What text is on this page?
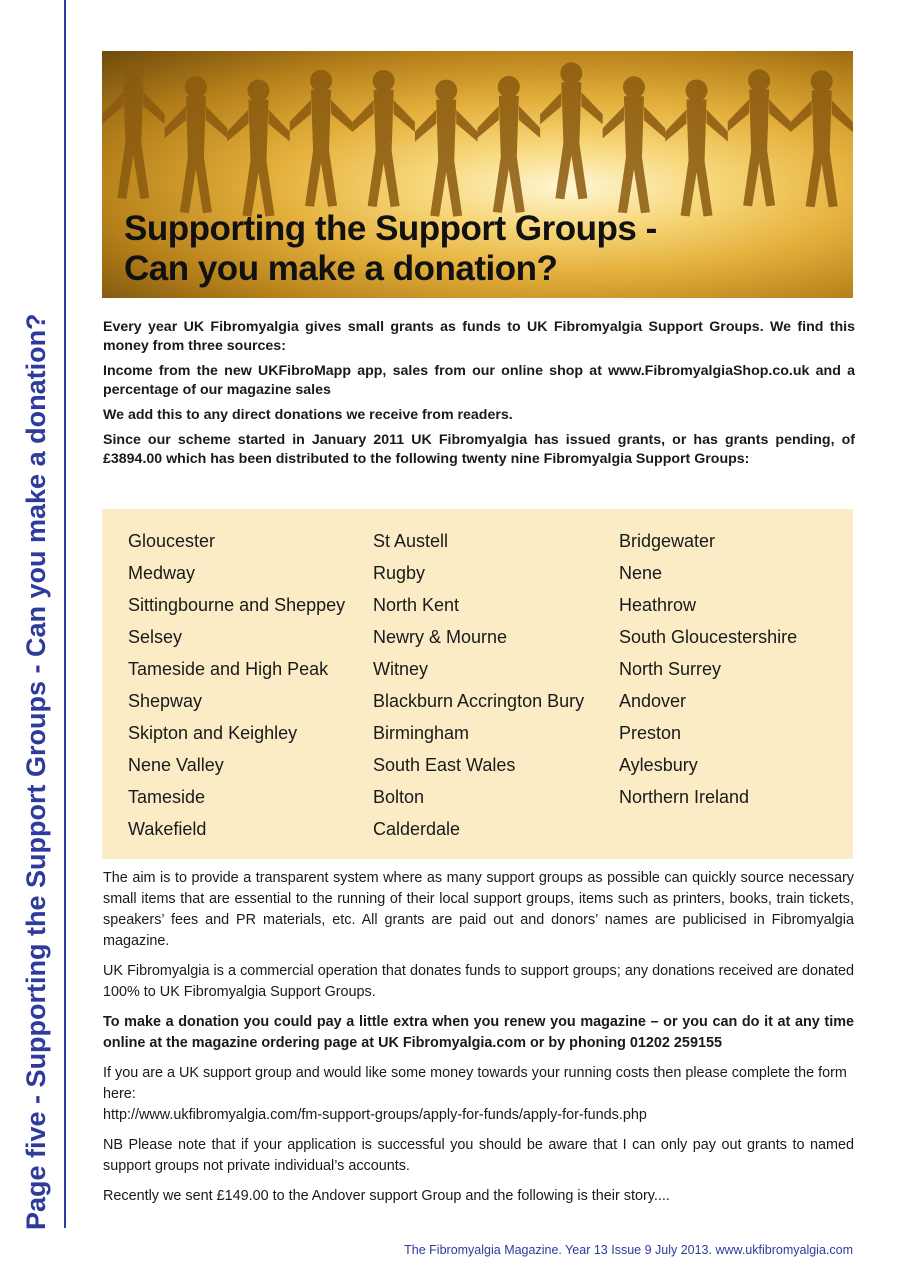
Page five - Supporting the Support Groups - Can you make a donation?
Supporting the Support Groups -
Can you make a donation?

Every year UK Fibromyalgia gives small grants as funds to UK Fibromyalgia Support Groups. We find this money from three sources:

Income from the new UKFibroMapp app, sales from our online shop at www.FibromyalgiaShop.co.uk and a percentage of our magazine sales

We add this to any direct donations we receive from readers.

Since our scheme started in January 2011 UK Fibromyalgia has issued grants, or has grants pending, of £3894.00 which has been distributed to the following twenty nine Fibromyalgia Support Groups:

Gloucester
Medway
Sittingbourne and Sheppey
Selsey
Tameside and High Peak
Shepway
Skipton and Keighley
Nene Valley
Tameside
Wakefield
St Austell
Rugby
North Kent
Newry & Mourne
Witney
Blackburn Accrington Bury
Birmingham
South East Wales
Bolton
Calderdale
Bridgewater
Nene
Heathrow
South Gloucestershire
North Surrey
Andover
Preston
Aylesbury
Northern Ireland

The aim is to provide a transparent system where as many support groups as possible can quickly source necessary small items that are essential to the running of their local support groups, items such as printers, books, train tickets, speakers’ fees and PR materials, etc. All grants are paid out and donors’ names are publicised in Fibromyalgia magazine.

UK Fibromyalgia is a commercial operation that donates funds to support groups; any donations received are donated 100% to UK Fibromyalgia Support Groups.

To make a donation you could pay a little extra when you renew you magazine – or you can do it at any time online at the magazine ordering page at UK Fibromyalgia.com or by phoning 01202 259155

If you are a UK support group and would like some money towards your running costs then please complete the form here:
http://www.ukfibromyalgia.com/fm-support-groups/apply-for-funds/apply-for-funds.php

NB Please note that if your application is successful you should be aware that I can only pay out grants to named support groups not private individual’s accounts.

Recently we sent £149.00 to the Andover support Group and the following is their story....

The Fibromyalgia Magazine. Year 13 Issue 9 July 2013. www.ukfibromyalgia.com
